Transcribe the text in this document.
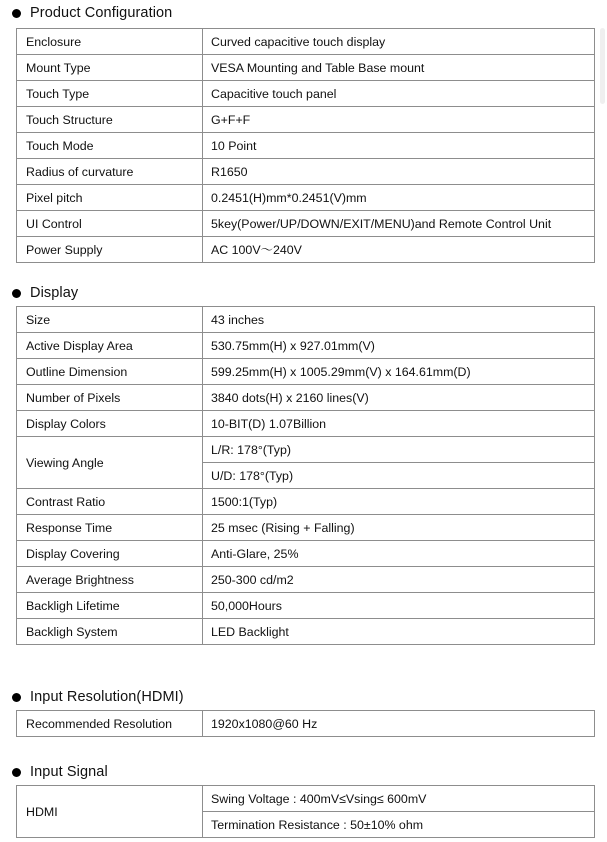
Product Configuration
Enclosure	Curved capacitive touch display
Mount Type	VESA Mounting and Table Base mount
Touch Type	Capacitive touch panel
Touch Structure	G+F+F
Touch Mode	10 Point
Radius of curvature	R1650
Pixel pitch	0.2451(H)mm*0.2451(V)mm
UI Control	5key(Power/UP/DOWN/EXIT/MENU)and Remote Control Unit
Power Supply	AC 100V～240V
Display
Size	43 inches
Active Display Area	530.75mm(H) x 927.01mm(V)
Outline Dimension	599.25mm(H) x 1005.29mm(V) x 164.61mm(D)
Number of Pixels	3840 dots(H) x 2160 lines(V)
Display Colors	10-BIT(D) 1.07Billion
Viewing Angle	L/R: 178°(Typ)
	U/D: 178°(Typ)
Contrast Ratio	1500:1(Typ)
Response Time	25 msec (Rising + Falling)
Display Covering	Anti-Glare, 25%
Average Brightness	250-300 cd/m2
Backligh Lifetime	50,000Hours
Backligh System	LED Backlight
Input Resolution(HDMI)
Recommended Resolution	1920x1080@60 Hz
Input Signal
HDMI	Swing Voltage : 400mV≤Vsing≤ 600mV
Termination Resistance : 50±10% ohm
